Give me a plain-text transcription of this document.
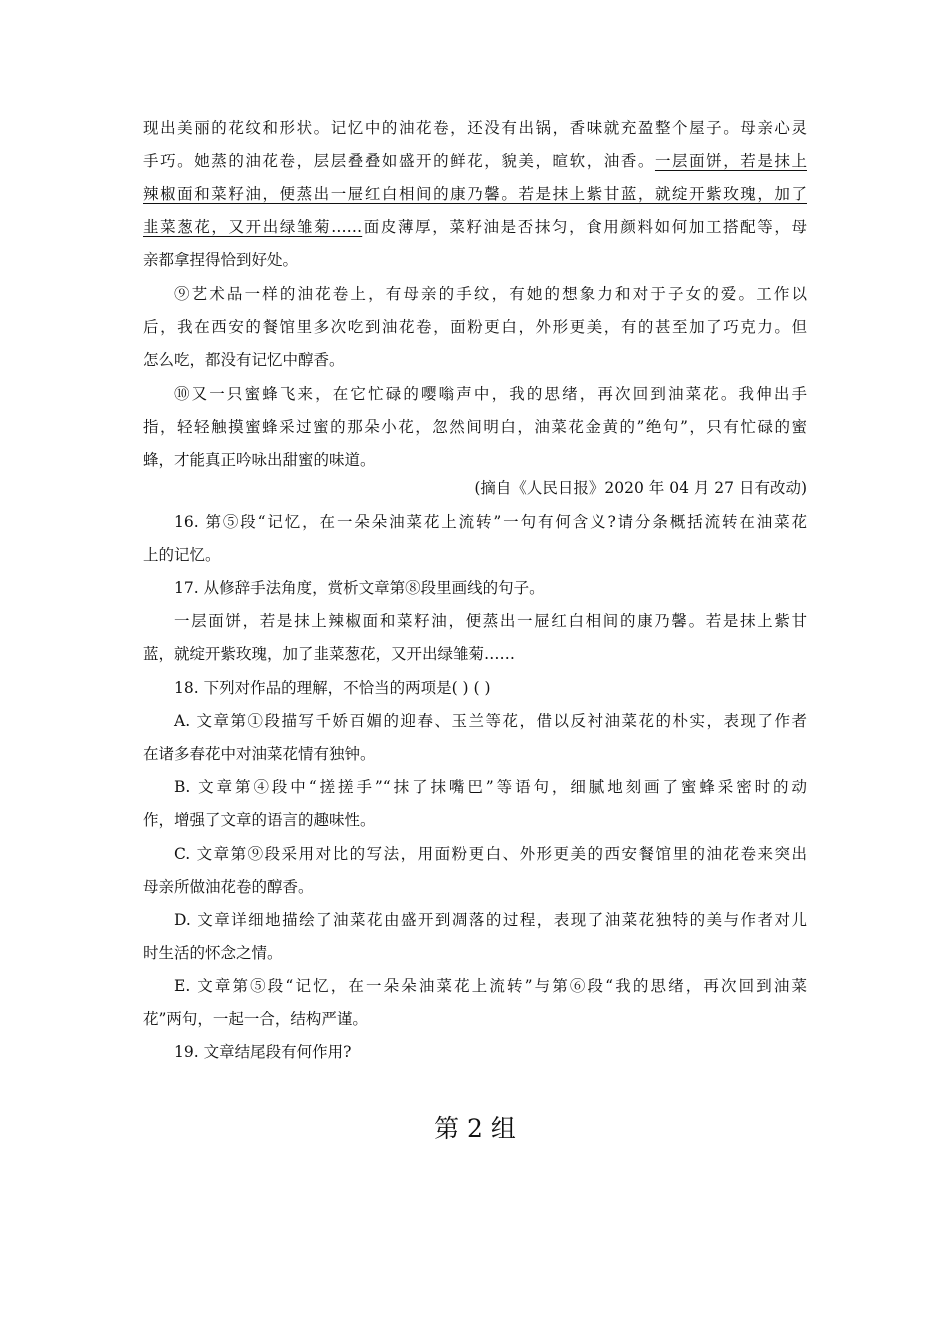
现出美丽的花纹和形状。记忆中的油花卷，还没有出锅，香味就充盈整个屋子。母亲心灵
手巧。她蒸的油花卷，层层叠叠如盛开的鲜花，貌美，暄软，油香。一层面饼，若是抹上
辣椒面和菜籽油，便蒸出一屉红白相间的康乃馨。若是抹上紫甘蓝，就绽开紫玫瑰，加了
韭菜葱花，又开出绿雏菊……面皮薄厚，菜籽油是否抹匀，食用颜料如何加工搭配等，母
亲都拿捏得恰到好处。
⑨艺术品一样的油花卷上，有母亲的手纹，有她的想象力和对于子女的爱。工作以
后，我在西安的餐馆里多次吃到油花卷，面粉更白，外形更美，有的甚至加了巧克力。但
怎么吃，都没有记忆中醇香。
⑩又一只蜜蜂飞来，在它忙碌的嘤嗡声中，我的思绪，再次回到油菜花。我伸出手
指，轻轻触摸蜜蜂采过蜜的那朵小花，忽然间明白，油菜花金黄的”绝句”，只有忙碌的蜜
蜂，才能真正吟咏出甜蜜的味道。
(摘自《人民日报》2020 年 04 月 27 日有改动)
16. 第⑤段“记忆，在一朵朵油菜花上流转”一句有何含义?请分条概括流转在油菜花
上的记忆。
17. 从修辞手法角度，赏析文章第⑧段里画线的句子。
一层面饼，若是抹上辣椒面和菜籽油，便蒸出一屉红白相间的康乃馨。若是抹上紫甘
蓝，就绽开紫玫瑰，加了韭菜葱花，又开出绿雏菊……
18. 下列对作品的理解，不恰当的两项是( ) ( )
A. 文章第①段描写千娇百媚的迎春、玉兰等花，借以反衬油菜花的朴实，表现了作者
在诸多春花中对油菜花情有独钟。
B. 文章第④段中“搓搓手”“抹了抹嘴巴”等语句，细腻地刻画了蜜蜂采密时的动
作，增强了文章的语言的趣味性。
C. 文章第⑨段采用对比的写法，用面粉更白、外形更美的西安餐馆里的油花卷来突出
母亲所做油花卷的醇香。
D. 文章详细地描绘了油菜花由盛开到凋落的过程，表现了油菜花独特的美与作者对儿
时生活的怀念之情。
E. 文章第⑤段“记忆，在一朵朵油菜花上流转”与第⑥段“我的思绪，再次回到油菜
花”两句，一起一合，结构严谨。
19. 文章结尾段有何作用?
第 2 组
